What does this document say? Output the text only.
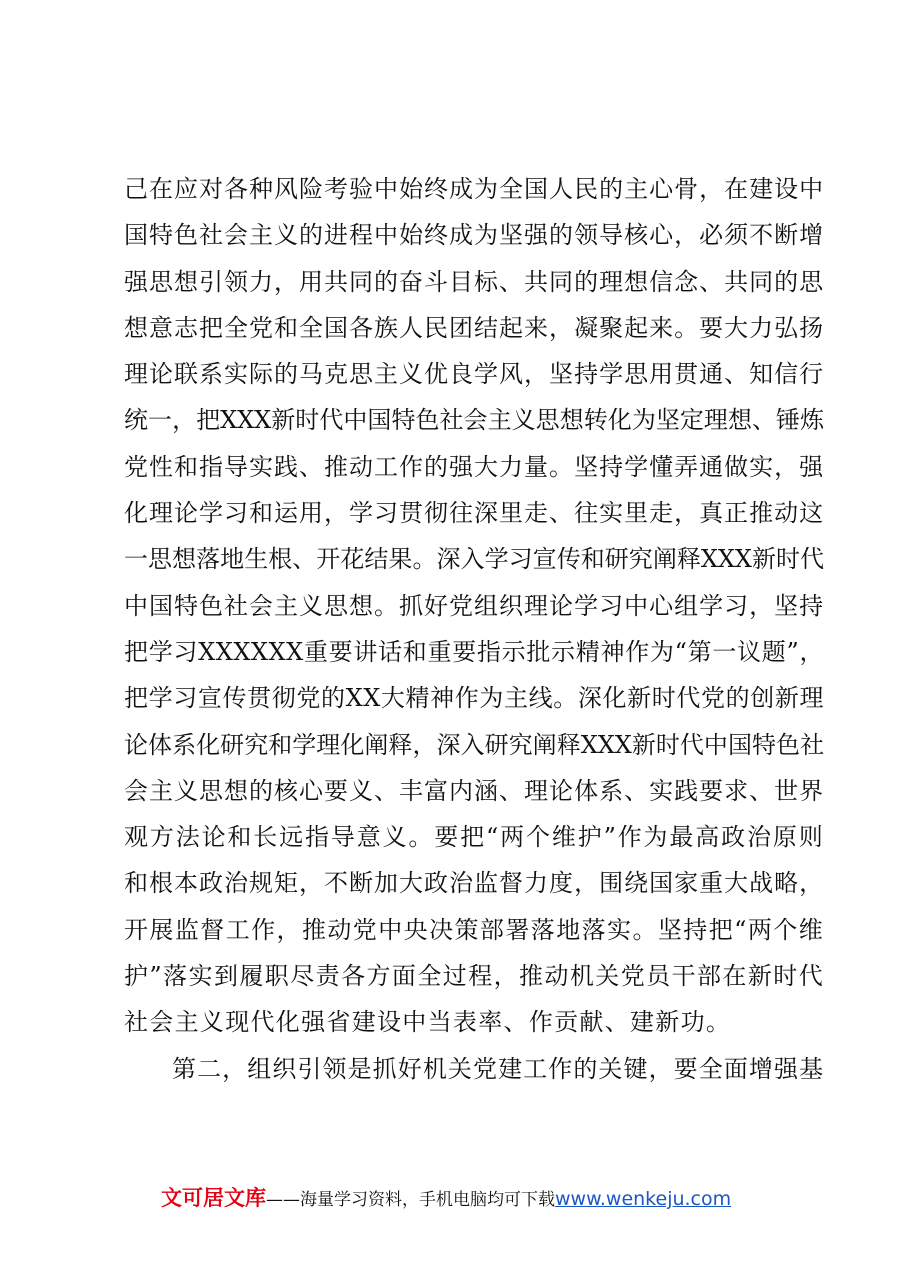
己在应对各种风险考验中始终成为全国人民的主心骨，在建设中
国特色社会主义的进程中始终成为坚强的领导核心，必须不断增
强思想引领力，用共同的奋斗目标、共同的理想信念、共同的思
想意志把全党和全国各族人民团结起来，凝聚起来。要大力弘扬
理论联系实际的马克思主义优良学风，坚持学思用贯通、知信行
统一，把XXX新时代中国特色社会主义思想转化为坚定理想、锤炼
党性和指导实践、推动工作的强大力量。坚持学懂弄通做实，强
化理论学习和运用，学习贯彻往深里走、往实里走，真正推动这
一思想落地生根、开花结果。深入学习宣传和研究阐释XXX新时代
中国特色社会主义思想。抓好党组织理论学习中心组学习，坚持
把学习XXXXXX重要讲话和重要指示批示精神作为“第一议题”，
把学习宣传贯彻党的XX大精神作为主线。深化新时代党的创新理
论体系化研究和学理化阐释，深入研究阐释XXX新时代中国特色社
会主义思想的核心要义、丰富内涵、理论体系、实践要求、世界
观方法论和长远指导意义。要把“两个维护”作为最高政治原则
和根本政治规矩，不断加大政治监督力度，围绕国家重大战略，
开展监督工作，推动党中央决策部署落地落实。坚持把“两个维
护”落实到履职尽责各方面全过程，推动机关党员干部在新时代
社会主义现代化强省建设中当表率、作贡献、建新功。
第二，组织引领是抓好机关党建工作的关键，要全面增强基
文可居文库——海量学习资料，手机电脑均可下载www.wenkeju.com
